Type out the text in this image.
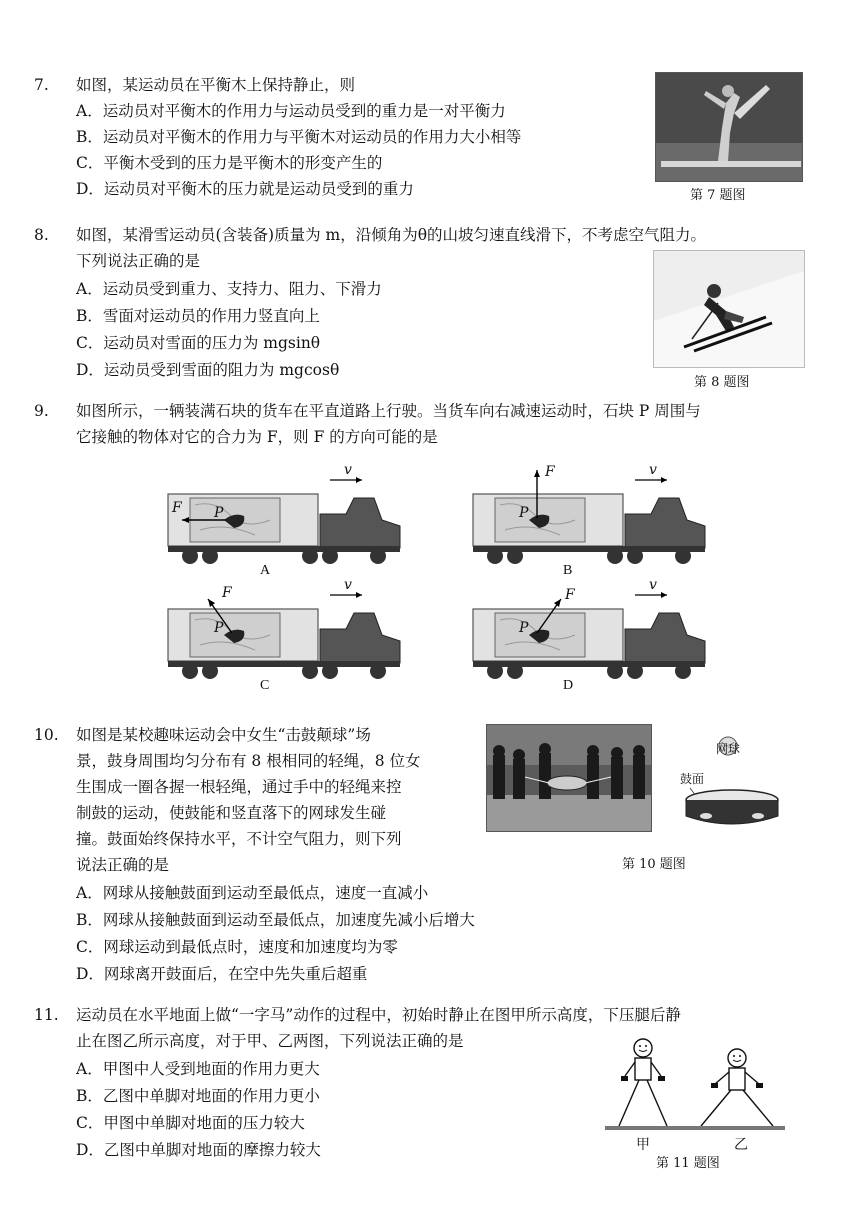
7. 如图，某运动员在平衡木上保持静止，则
A．运动员对平衡木的作用力与运动员受到的重力是一对平衡力
B．运动员对平衡木的作用力与平衡木对运动员的作用力大小相等
C．平衡木受到的压力是平衡木的形变产生的
D．运动员对平衡木的压力就是运动员受到的重力	第 7 题图
8. 如图，某滑雪运动员(含装备)质量为 m，沿倾角为θ的山坡匀速直线滑下，不考虑空气阻力。
下列说法正确的是
A．运动员受到重力、支持力、阻力、下滑力
B．雪面对运动员的作用力竖直向上
C．运动员对雪面的压力为 mgsinθ
D．运动员受到雪面的阻力为 mgcosθ
第 8 题图
9. 如图所示，一辆装满石块的货车在平直道路上行驶。当货车向右减速运动时，石块 P 周围与
它接触的物体对它的合力为 F，则 F 的方向可能的是
F P
v
A
F
P
v
B
F
P
v
C
F
P
v
D
10. 如图是某校趣味运动会中女生“击鼓颠球”场
景，鼓身周围均匀分布有 8 根相同的轻绳，8 位女
生围成一圈各握一根轻绳，通过手中的轻绳来控
制鼓的运动，使鼓能和竖直落下的网球发生碰
撞。鼓面始终保持水平，不计空气阻力，则下列
说法正确的是
A．网球从接触鼓面到运动至最低点，速度一直减小
B．网球从接触鼓面到运动至最低点，加速度先减小后增大
C．网球运动到最低点时，速度和加速度均为零
D．网球离开鼓面后，在空中先失重后超重
网球
鼓面
第 10 题图
11. 运动员在水平地面上做“一字马”动作的过程中，初始时静止在图甲所示高度，下压腿后静
止在图乙所示高度，对于甲、乙两图，下列说法正确的是
A．甲图中人受到地面的作用力更大
B．乙图中单脚对地面的作用力更小
C．甲图中单脚对地面的压力较大
D．乙图中单脚对地面的摩擦力较大	甲	乙
第 11 题图
